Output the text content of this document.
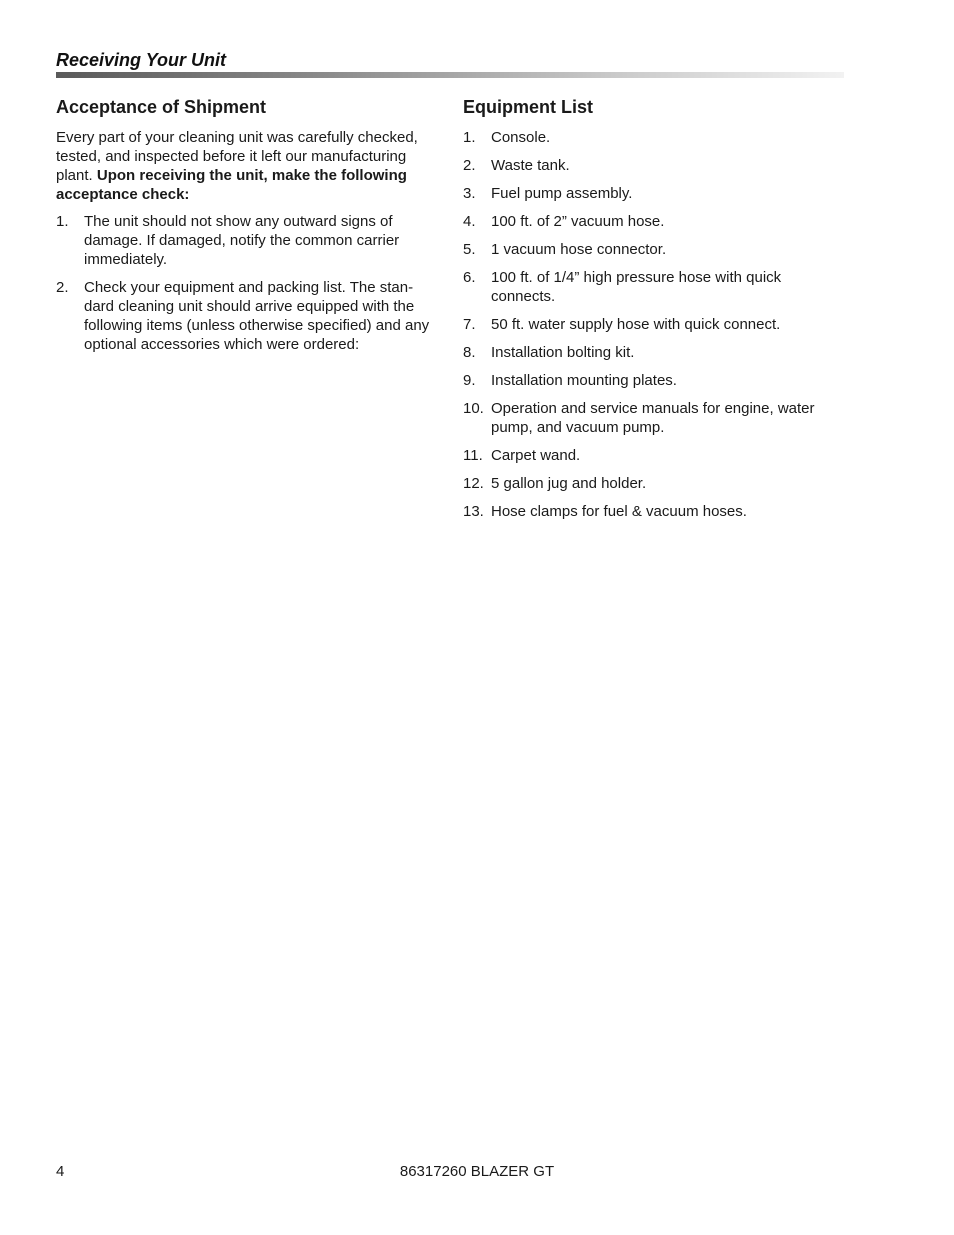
Receiving Your Unit
Acceptance of Shipment

Every part of your cleaning unit was carefully checked, tested, and inspected before it left our manufacturing plant. Upon receiving the unit, make the following acceptance check:

1.	The unit should not show any outward signs of damage. If damaged, notify the common carrier immediately.
2.	Check your equipment and packing list. The stan-dard cleaning unit should arrive equipped with the following items (unless otherwise specified) and any optional accessories which were ordered:
Equipment List
1.	Console.
2.	Waste tank.
3.	Fuel pump assembly.
4.	100 ft. of 2” vacuum hose.
5.	1 vacuum hose connector.
6.	100 ft. of 1/4” high pressure hose with quick connects.
7.	50 ft. water supply hose with quick connect.
8.	Installation bolting kit.
9.	Installation mounting plates.
10. Operation and service manuals for engine, water pump, and vacuum pump.
11. Carpet wand.
12. 5 gallon jug and holder.
13. Hose clamps for fuel & vacuum hoses.
4	86317260 BLAZER GT
